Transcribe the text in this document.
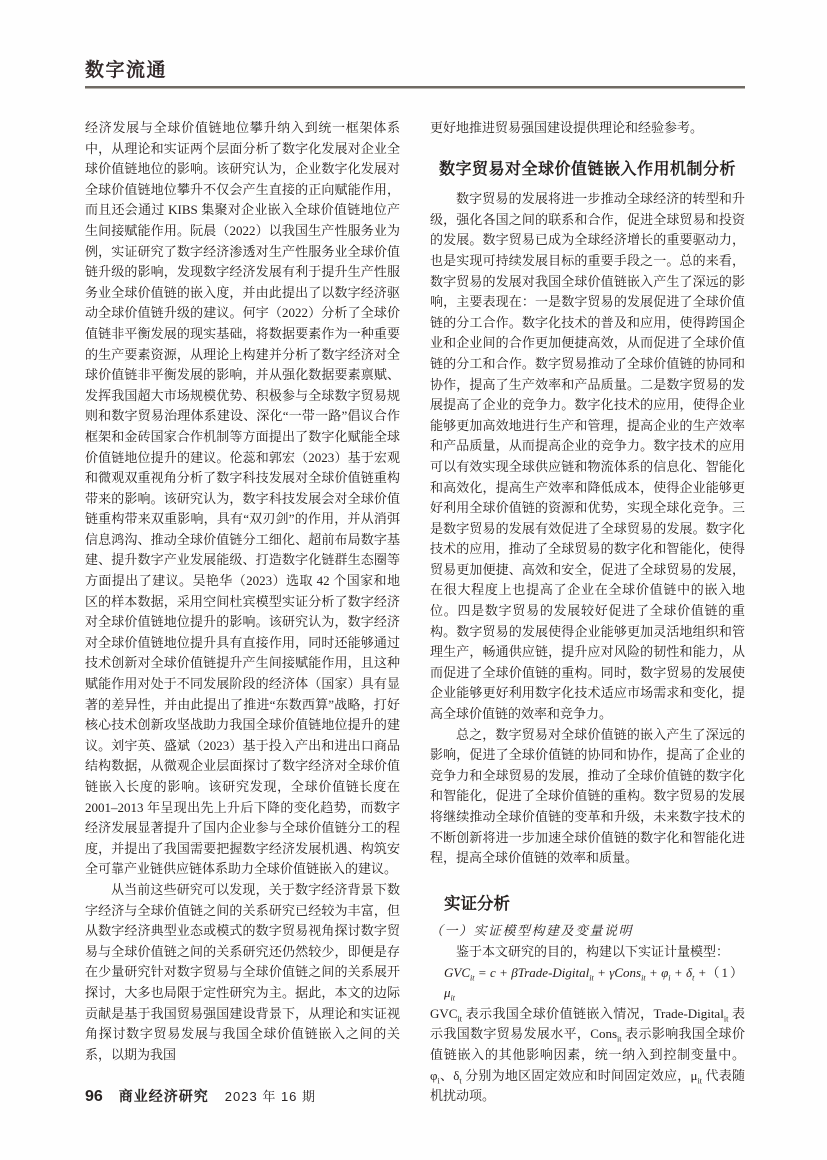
数字流通

经济发展与全球价值链地位攀升纳入到统一框架体系中，从理论和实证两个层面分析了数字化发展对企业全球价值链地位的影响。该研究认为，企业数字化发展对全球价值链地位攀升不仅会产生直接的正向赋能作用，而且还会通过 KIBS 集聚对企业嵌入全球价值链地位产生间接赋能作用。阮晨（2022）以我国生产性服务业为例，实证研究了数字经济渗透对生产性服务业全球价值链升级的影响，发现数字经济发展有利于提升生产性服务业全球价值链的嵌入度，并由此提出了以数字经济驱动全球价值链升级的建议。何宇（2022）分析了全球价值链非平衡发展的现实基础，将数据要素作为一种重要的生产要素资源，从理论上构建并分析了数字经济对全球价值链非平衡发展的影响，并从强化数据要素禀赋、发挥我国超大市场规模优势、积极参与全球数字贸易规则和数字贸易治理体系建设、深化“一带一路”倡议合作框架和金砖国家合作机制等方面提出了数字化赋能全球价值链地位提升的建议。伦蕊和郭宏（2023）基于宏观和微观双重视角分析了数字科技发展对全球价值链重构带来的影响。该研究认为，数字科技发展会对全球价值链重构带来双重影响，具有“双刃剑”的作用，并从消弭信息鸿沟、推动全球价值链分工细化、超前布局数字基建、提升数字产业发展能级、打造数字化链群生态圈等方面提出了建议。吴艳华（2023）选取 42 个国家和地区的样本数据，采用空间杜宾模型实证分析了数字经济对全球价值链地位提升的影响。该研究认为，数字经济对全球价值链地位提升具有直接作用，同时还能够通过技术创新对全球价值链提升产生间接赋能作用，且这种赋能作用对处于不同发展阶段的经济体（国家）具有显著的差异性，并由此提出了推进“东数西算”战略，打好核心技术创新攻坚战助力我国全球价值链地位提升的建议。刘宇英、盛斌（2023）基于投入产出和进出口商品结构数据，从微观企业层面探讨了数字经济对全球价值链嵌入长度的影响。该研究发现，全球价值链长度在 2001–2013 年呈现出先上升后下降的变化趋势，而数字经济发展显著提升了国内企业参与全球价值链分工的程度，并提出了我国需要把握数字经济发展机遇、构筑安全可靠产业链供应链体系助力全球价值链嵌入的建议。

从当前这些研究可以发现，关于数字经济背景下数字经济与全球价值链之间的关系研究已经较为丰富，但从数字经济典型业态或模式的数字贸易视角探讨数字贸易与全球价值链之间的关系研究还仍然较少，即便是存在少量研究针对数字贸易与全球价值链之间的关系展开探讨，大多也局限于定性研究为主。据此，本文的边际贡献是基于我国贸易强国建设背景下，从理论和实证视角探讨数字贸易发展与我国全球价值链嵌入之间的关系，以期为我国

更好地推进贸易强国建设提供理论和经验参考。

数字贸易对全球价值链嵌入作用机制分析

数字贸易的发展将进一步推动全球经济的转型和升级，强化各国之间的联系和合作，促进全球贸易和投资的发展。数字贸易已成为全球经济增长的重要驱动力，也是实现可持续发展目标的重要手段之一。总的来看，数字贸易的发展对我国全球价值链嵌入产生了深远的影响，主要表现在：一是数字贸易的发展促进了全球价值链的分工合作。数字化技术的普及和应用，使得跨国企业和企业间的合作更加便捷高效，从而促进了全球价值链的分工和合作。数字贸易推动了全球价值链的协同和协作，提高了生产效率和产品质量。二是数字贸易的发展提高了企业的竞争力。数字化技术的应用，使得企业能够更加高效地进行生产和管理，提高企业的生产效率和产品质量，从而提高企业的竞争力。数字技术的应用可以有效实现全球供应链和物流体系的信息化、智能化和高效化，提高生产效率和降低成本，使得企业能够更好利用全球价值链的资源和优势，实现全球化竞争。三是数字贸易的发展有效促进了全球贸易的发展。数字化技术的应用，推动了全球贸易的数字化和智能化，使得贸易更加便捷、高效和安全，促进了全球贸易的发展，在很大程度上也提高了企业在全球价值链中的嵌入地位。四是数字贸易的发展较好促进了全球价值链的重构。数字贸易的发展使得企业能够更加灵活地组织和管理生产，畅通供应链，提升应对风险的韧性和能力，从而促进了全球价值链的重构。同时，数字贸易的发展使企业能够更好利用数字化技术适应市场需求和变化，提高全球价值链的效率和竞争力。

总之，数字贸易对全球价值链的嵌入产生了深远的影响，促进了全球价值链的协同和协作，提高了企业的竞争力和全球贸易的发展，推动了全球价值链的数字化和智能化，促进了全球价值链的重构。数字贸易的发展将继续推动全球价值链的变革和升级，未来数字技术的不断创新将进一步加速全球价值链的数字化和智能化进程，提高全球价值链的效率和质量。

实证分析

（一）实证模型构建及变量说明

鉴于本文研究的目的，构建以下实证计量模型：

$GVC_{it} = c$ + βTrade-Digital$_{it}$ + γCons$_{it}$ + $\varphi_i + \delta_t + \mu_{it}$
（1）

$GVC_{it}$ 表示我国全球价值链嵌入情况，Trade-Digital$_{it}$ 表示我国数字贸易发展水平，Cons$_{it}$ 表示影响我国全球价值链嵌入的其他影响因素，统一纳入到控制变量中。$\varphi_i$、$\delta_t$ 分别为地区固定效应和时间固定效应，$\mu_{it}$ 代表随机扰动项。

96 商业经济研究 2023 年 16 期
